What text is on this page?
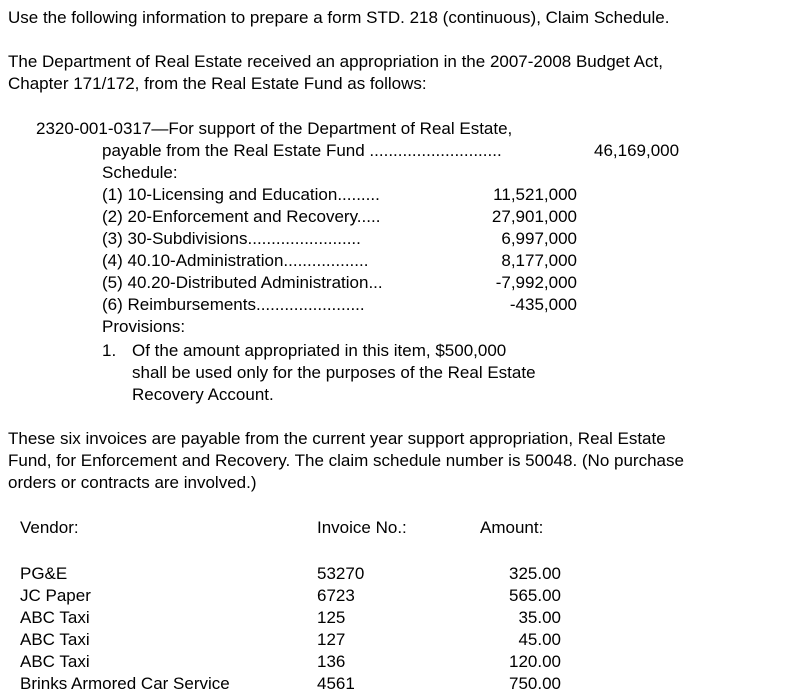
Use the following information to prepare a form STD. 218 (continuous), Claim Schedule.
The Department of Real Estate received an appropriation in the 2007-2008 Budget Act,
Chapter 171/172, from the Real Estate Fund as follows:
2320-001-0317—For support of the Department of Real Estate,
payable from the Real Estate Fund ............................	46,169,000
Schedule:
(1) 10-Licensing and Education.........	11,521,000
(2) 20-Enforcement and Recovery.....	27,901,000
(3) 30-Subdivisions........................	6,997,000
(4) 40.10-Administration..................	8,177,000
(5) 40.20-Distributed Administration...	-7,992,000
(6) Reimbursements.......................	-435,000
Provisions:
1. Of the amount appropriated in this item, $500,000
shall be used only for the purposes of the Real Estate
Recovery Account.
These six invoices are payable from the current year support appropriation, Real Estate
Fund, for Enforcement and Recovery. The claim schedule number is 50048. (No purchase
orders or contracts are involved.)
Vendor:	Invoice No.:	Amount:
PG&E	53270	325.00
JC Paper	6723	565.00
ABC Taxi	125	35.00
ABC Taxi	127	45.00
ABC Taxi	136	120.00
Brinks Armored Car Service	4561	750.00
